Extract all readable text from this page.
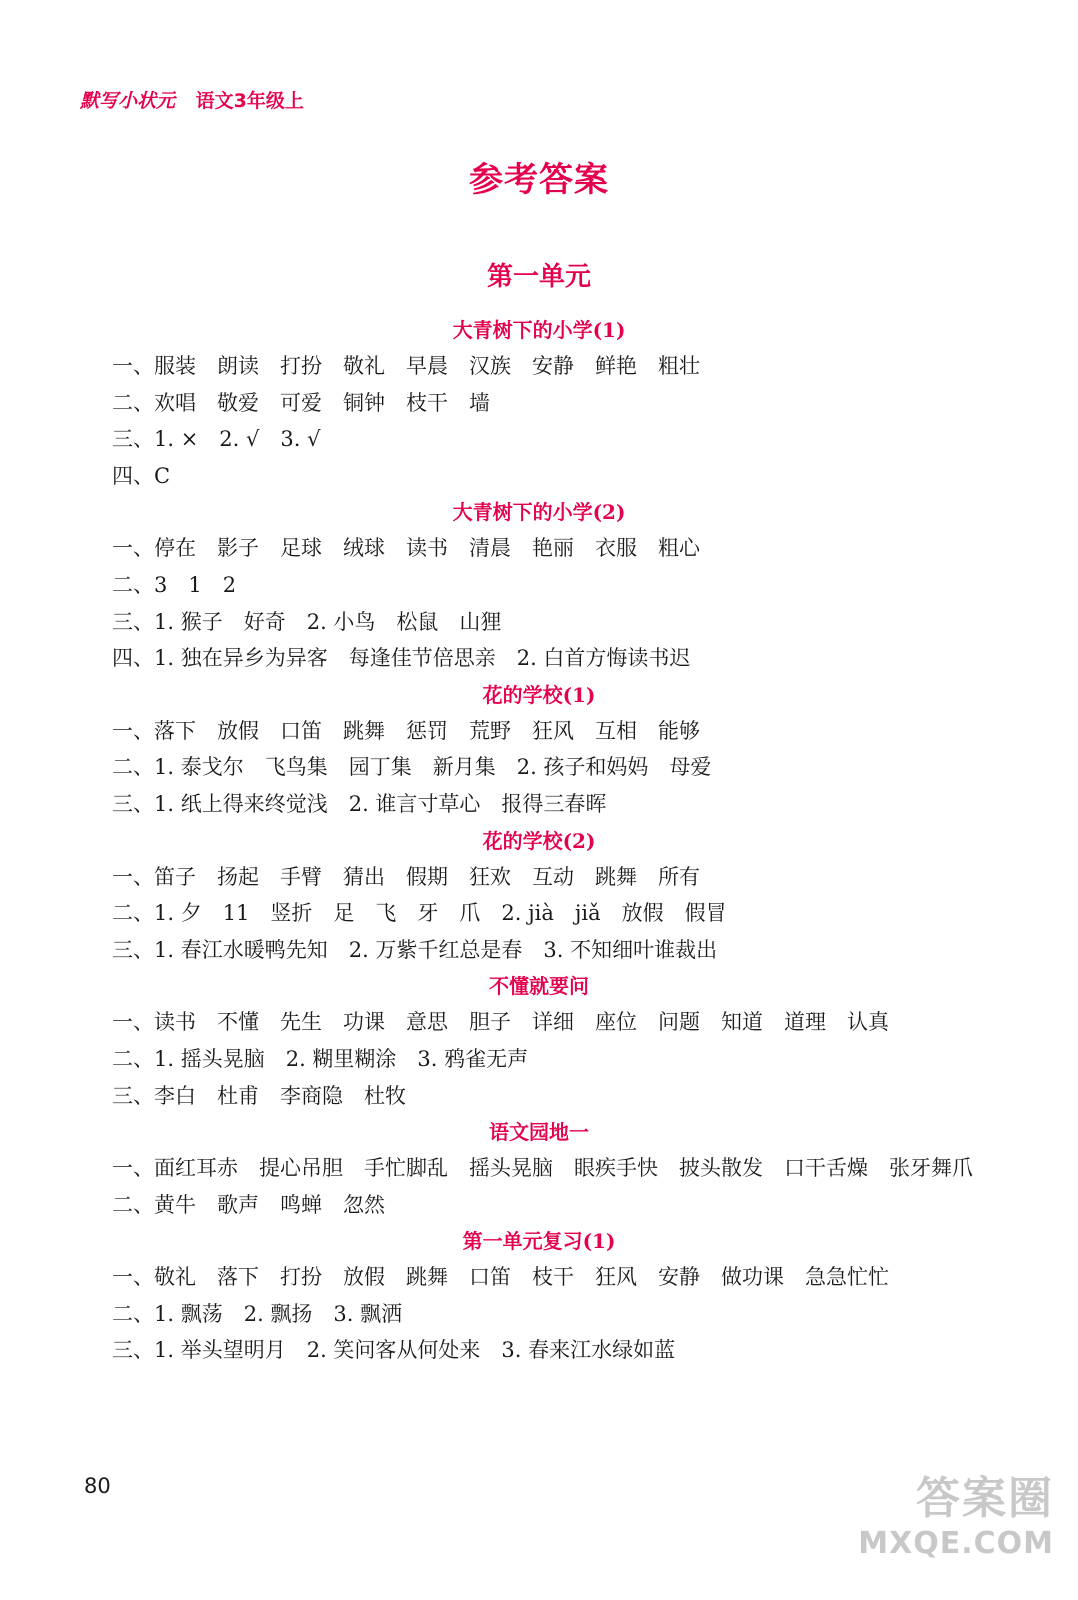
默写小状元 语文3年级上
参考答案
第一单元
大青树下的小学(1)
一、服装　朗读　打扮　敬礼　早晨　汉族　安静　鲜艳　粗壮
二、欢唱　敬爱　可爱　铜钟　枝干　墙
三、1. ×　2. √　3. √
四、C
大青树下的小学(2)
一、停在　影子　足球　绒球　读书　清晨　艳丽　衣服　粗心
二、3　1　2
三、1. 猴子　好奇　2. 小鸟　松鼠　山狸
四、1. 独在异乡为异客　每逢佳节倍思亲　2. 白首方悔读书迟
花的学校(1)
一、落下　放假　口笛　跳舞　惩罚　荒野　狂风　互相　能够
二、1. 泰戈尔　飞鸟集　园丁集　新月集　2. 孩子和妈妈　母爱
三、1. 纸上得来终觉浅　2. 谁言寸草心　报得三春晖
花的学校(2)
一、笛子　扬起　手臂　猜出　假期　狂欢　互动　跳舞　所有
二、1. 夕　11　竖折　足　飞　牙　爪　2. jià　jiǎ　放假　假冒
三、1. 春江水暖鸭先知　2. 万紫千红总是春　3. 不知细叶谁裁出
不懂就要问
一、读书　不懂　先生　功课　意思　胆子　详细　座位　问题　知道　道理　认真
二、1. 摇头晃脑　2. 糊里糊涂　3. 鸦雀无声
三、李白　杜甫　李商隐　杜牧
语文园地一
一、面红耳赤　提心吊胆　手忙脚乱　摇头晃脑　眼疾手快　披头散发　口干舌燥　张牙舞爪
二、黄牛　歌声　鸣蝉　忽然
第一单元复习(1)
一、敬礼　落下　打扮　放假　跳舞　口笛　枝干　狂风　安静　做功课　急急忙忙
二、1. 飘荡　2. 飘扬　3. 飘洒
三、1. 举头望明月　2. 笑问客从何处来　3. 春来江水绿如蓝
80	答案圈
MXQE.COM
